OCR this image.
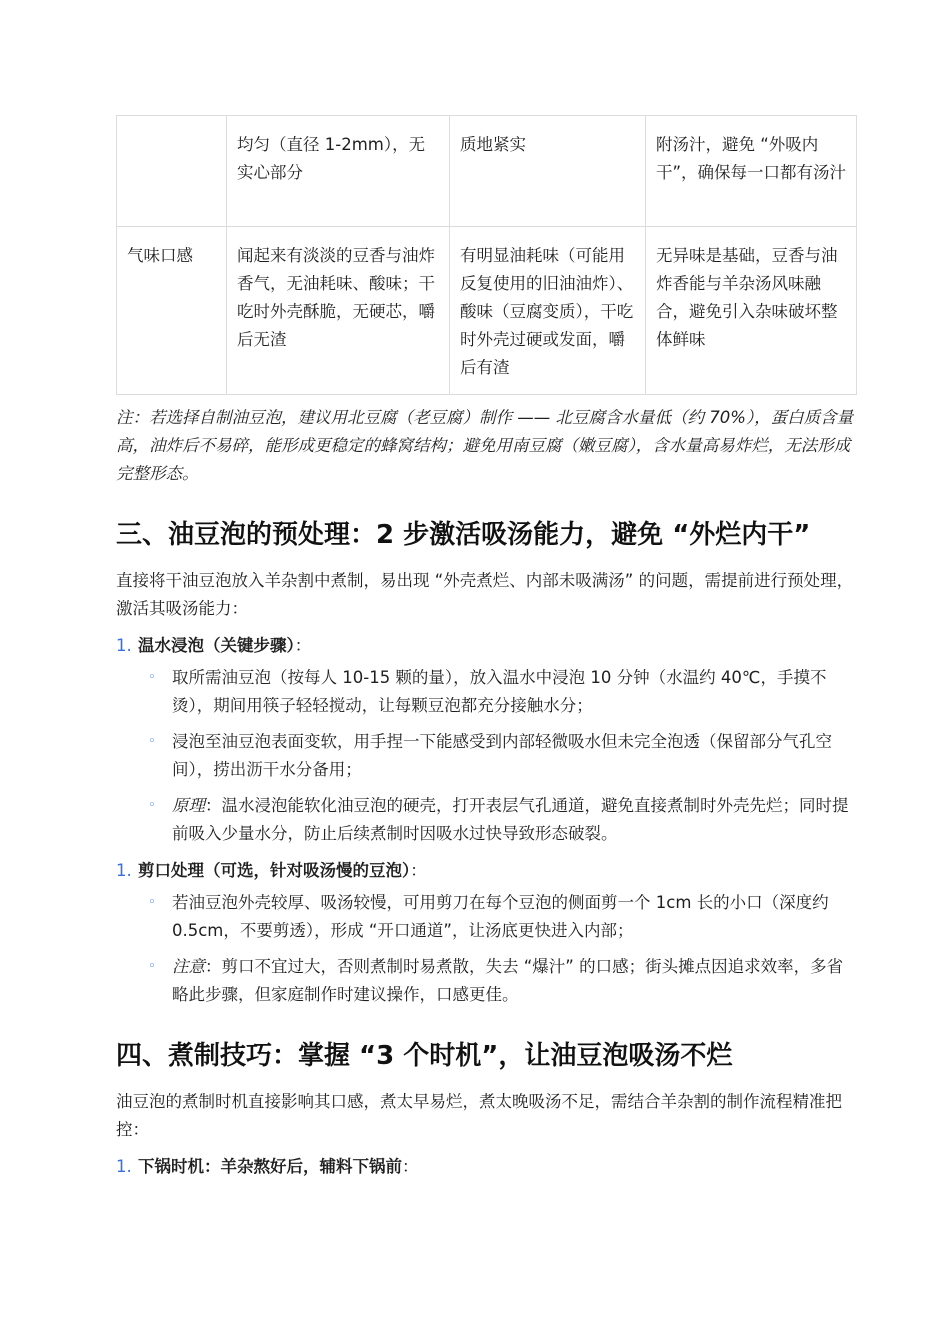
	均匀（直径 1-2mm），无实心部分	质地紧实	附汤汁，避免 “外吸内干”，确保每一口都有汤汁
气味口感	闻起来有淡淡的豆香与油炸香气，无油耗味、酸味；干吃时外壳酥脆，无硬芯，嚼后无渣	有明显油耗味（可能用反复使用的旧油油炸）、酸味（豆腐变质），干吃时外壳过硬或发面，嚼后有渣	无异味是基础，豆香与油炸香能与羊杂汤风味融合，避免引入杂味破坏整体鲜味
注：若选择自制油豆泡，建议用北豆腐（老豆腐）制作 —— 北豆腐含水量低（约 70%），蛋白质含量高，油炸后不易碎，能形成更稳定的蜂窝结构；避免用南豆腐（嫩豆腐），含水量高易炸烂，无法形成完整形态。
三、油豆泡的预处理：2 步激活吸汤能力，避免 “外烂内干”

直接将干油豆泡放入羊杂割中煮制，易出现 “外壳煮烂、内部未吸满汤” 的问题，需提前进行预处理，激活其吸汤能力：

1. 温水浸泡（关键步骤）：
◦ 取所需油豆泡（按每人 10-15 颗的量），放入温水中浸泡 10 分钟（水温约 40℃，手摸不烫），期间用筷子轻轻搅动，让每颗豆泡都充分接触水分；
◦ 浸泡至油豆泡表面变软，用手捏一下能感受到内部轻微吸水但未完全泡透（保留部分气孔空间），捞出沥干水分备用；
◦ 原理：温水浸泡能软化油豆泡的硬壳，打开表层气孔通道，避免直接煮制时外壳先烂；同时提前吸入少量水分，防止后续煮制时因吸水过快导致形态破裂。
1. 剪口处理（可选，针对吸汤慢的豆泡）：
◦ 若油豆泡外壳较厚、吸汤较慢，可用剪刀在每个豆泡的侧面剪一个 1cm 长的小口（深度约 0.5cm，不要剪透），形成 “开口通道”，让汤底更快进入内部；
◦ 注意：剪口不宜过大，否则煮制时易煮散，失去 “爆汁” 的口感；街头摊点因追求效率，多省略此步骤，但家庭制作时建议操作，口感更佳。
四、煮制技巧：掌握 “3 个时机”，让油豆泡吸汤不烂

油豆泡的煮制时机直接影响其口感，煮太早易烂，煮太晚吸汤不足，需结合羊杂割的制作流程精准把控：

1. 下锅时机：羊杂熬好后，辅料下锅前：
